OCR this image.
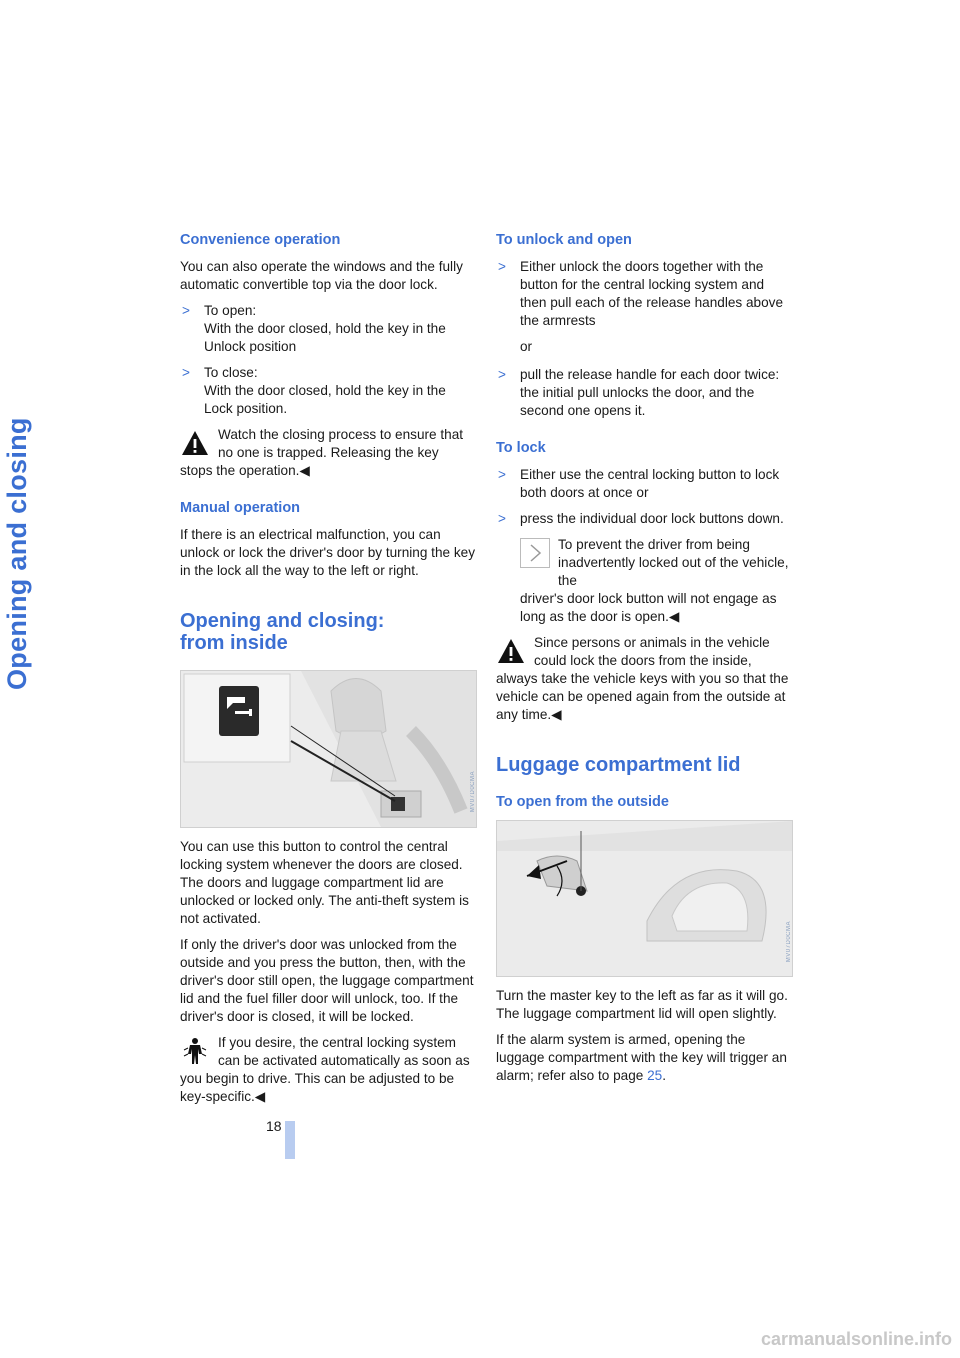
Opening and closing
Convenience operation

You can also operate the windows and the fully automatic convertible top via the door lock.

> To open:
With the door closed, hold the key in the Unlock position
> To close:
With the door closed, hold the key in the Lock position.
Watch the closing process to ensure that no one is trapped. Releasing the key
stops the operation.◀
Manual operation

If there is an electrical malfunction, you can unlock or lock the driver's door by turning the key in the lock all the way to the left or right.

Opening and closing:
from inside
MV07D0CMA

You can use this button to control the central locking system whenever the doors are closed. The doors and luggage compartment lid are unlocked or locked only. The anti-theft system is not activated.

If only the driver's door was unlocked from the outside and you press the button, then, with the driver's door still open, the luggage compartment lid and the fuel filler door will unlock, too. If the driver's door is closed, it will be locked.

If you desire, the central locking system can be activated automatically as soon as
you begin to drive. This can be adjusted to be key-specific.◀
18
To unlock and open
> Either unlock the doors together with the button for the central locking system and then pull each of the release handles above the armrests
or
> pull the release handle for each door twice: the initial pull unlocks the door, and the second one opens it.
To lock
> Either use the central locking button to lock both doors at once or
> press the individual door lock buttons down.
To prevent the driver from being inadvertently locked out of the vehicle, the
driver's door lock button will not engage as long as the door is open.◀
Since persons or animals in the vehicle could lock the doors from the inside,
always take the vehicle keys with you so that the vehicle can be opened again from the outside at any time.◀
Luggage compartment lid
To open from the outside
MV07D0CMA

Turn the master key to the left as far as it will go. The luggage compartment lid will open slightly.

If the alarm system is armed, opening the luggage compartment with the key will trigger an alarm; refer also to page 25.

carmanualsonline.info
